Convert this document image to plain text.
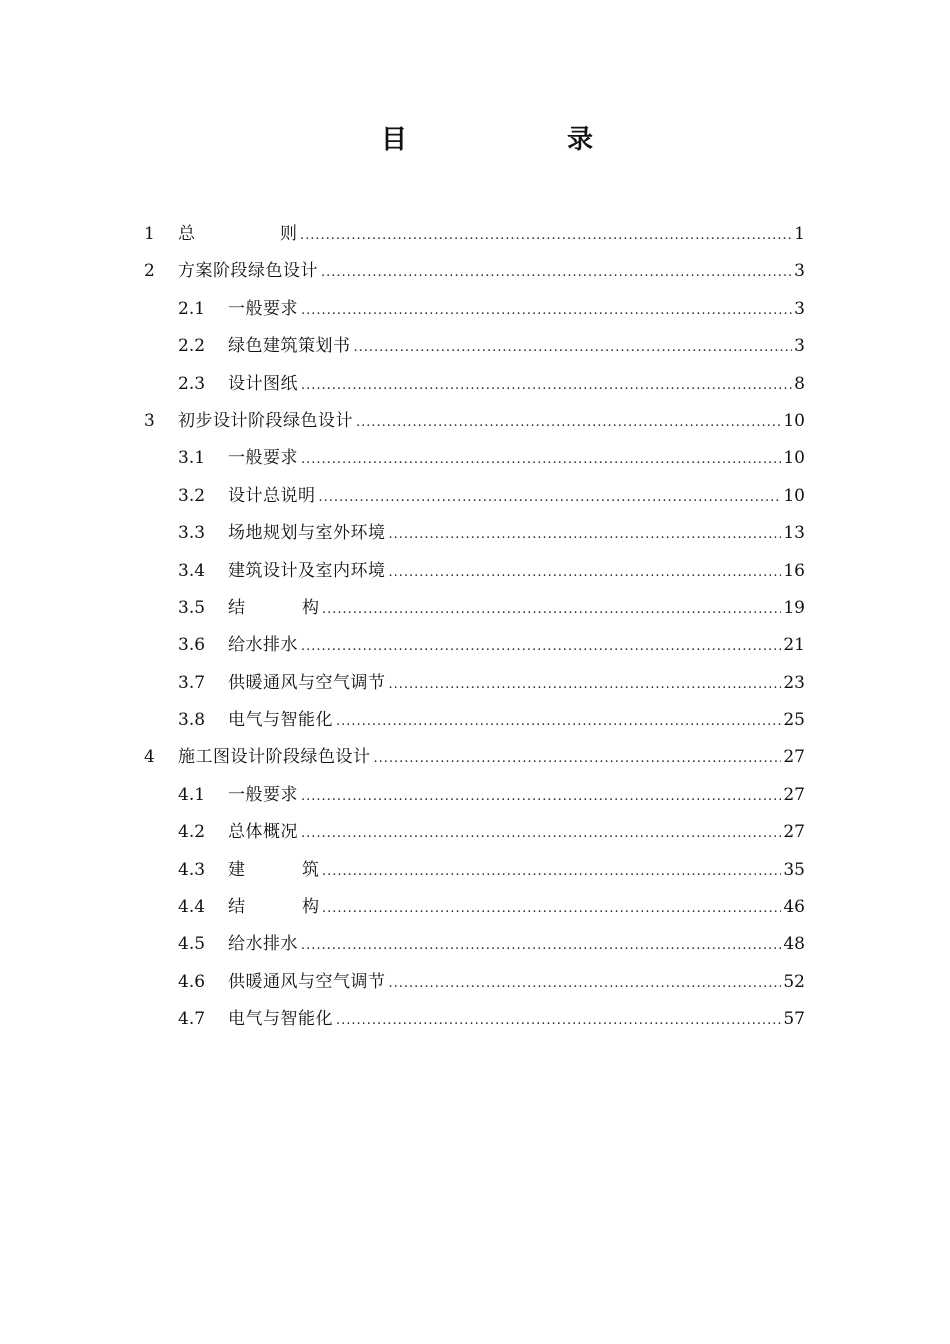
目　　录
1 总　则 .....	1
2 方案阶段绿色设计 .....	3
2.1 一般要求 .....	3
2.2 绿色建筑策划书 .....	3
2.3 设计图纸 .....	8
3 初步设计阶段绿色设计 .....	10
3.1 一般要求 .....	10
3.2 设计总说明 .....	10
3.3 场地规划与室外环境 .....	13
3.4 建筑设计及室内环境 .....	16
3.5 结　构 .....	19
3.6 给水排水 .....	21
3.7 供暖通风与空气调节 .....	23
3.8 电气与智能化 .....	25
4 施工图设计阶段绿色设计 .....	27
4.1 一般要求 .....	27
4.2 总体概况 .....	27
4.3 建　筑 .....	35
4.4 结　构 .....	46
4.5 给水排水 .....	48
4.6 供暖通风与空气调节 .....	52
4.7 电气与智能化 .....	57
